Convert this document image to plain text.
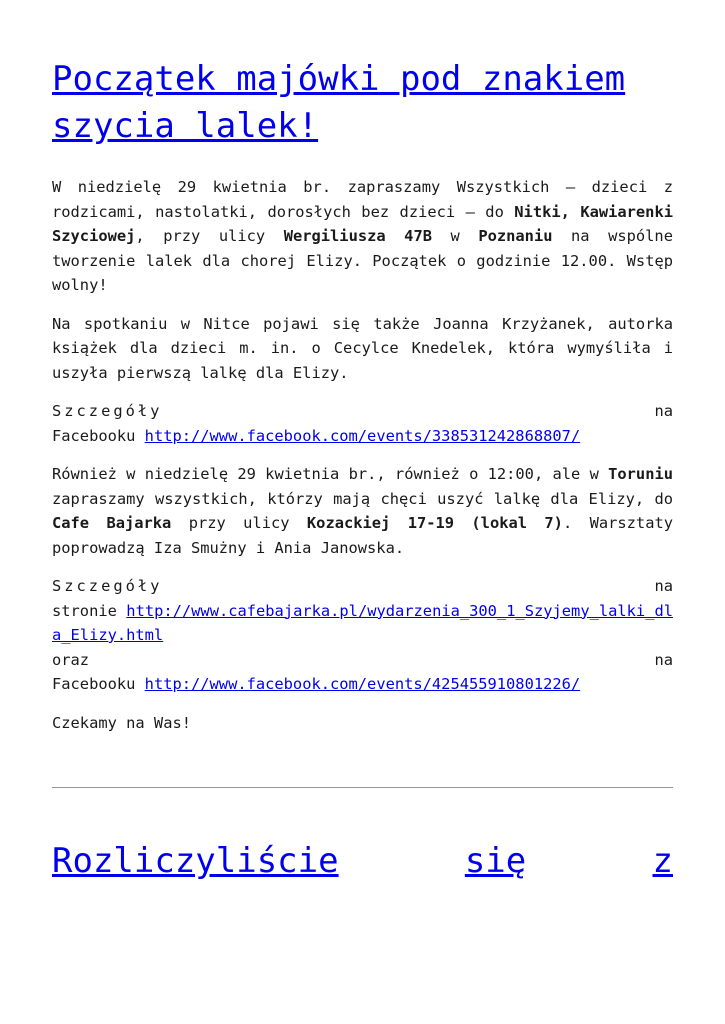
Początek majówki pod znakiem szycia lalek!

W niedzielę 29 kwietnia br. zapraszamy Wszystkich – dzieci z rodzicami, nastolatki, dorosłych bez dzieci – do Nitki, Kawiarenki Szyciowej, przy ulicy Wergiliusza 47B w Poznaniu na wspólne tworzenie lalek dla chorej Elizy. Początek o godzinie 12.00. Wstęp wolny!

Na spotkaniu w Nitce pojawi się także Joanna Krzyżanek, autorka książek dla dzieci m. in. o Cecylce Knedelek, która wymyśliła i uszyła pierwszą lalkę dla Elizy.

Szczegóły	na
Facebooku http://www.facebook.com/events/338531242868807/

Również w niedzielę 29 kwietnia br., również o 12:00, ale w Toruniu  zapraszamy wszystkich, którzy mają chęci uszyć lalkę dla Elizy, do Cafe Bajarka przy ulicy Kozackiej 17-19 (lokal 7). Warsztaty poprowadzą Iza Smużny i Ania Janowska.

Szczegóły	na
stronie http://www.cafebajarka.pl/wydarzenia_300_1_Szyjemy_lalki_dla_Elizy.html
oraz	na
Facebooku http://www.facebook.com/events/425455910801226/

Czekamy na Was!

Rozliczyliście	się	z
